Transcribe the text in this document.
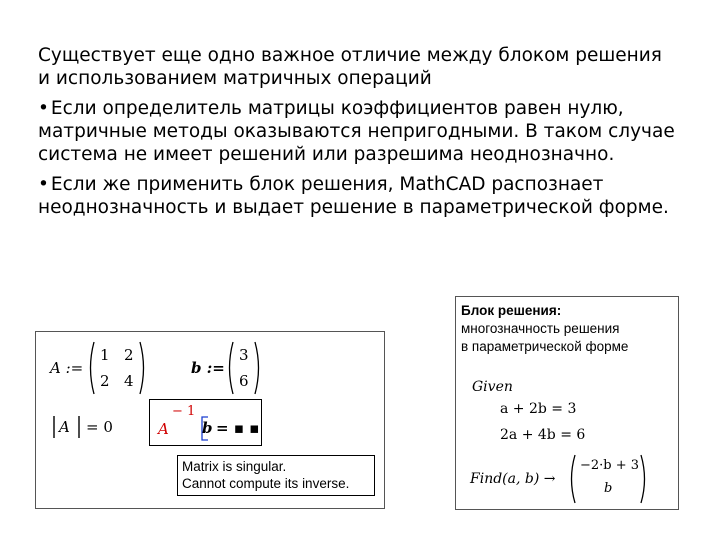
Существует еще одно важное отличие между блоком решения и использованием матричных операций

• Если определитель матрицы коэффициентов равен нулю, матричные методы оказываются непригодными. В таком случае система не имеет решений или разрешима неоднозначно.

• Если же применить блок решения, MathCAD распознает неоднозначность и выдает решение в параметрической форме.

A :=
1 2
2 4
b :=
3
6
A = 0	A
− 1
b = ▪ ▪
Matrix is singular.
Cannot compute its inverse.
Блок решения:
многозначность решения
в параметрической форме
Given
a + 2b = 3
2a + 4b = 6
Find(a, b) →
−2·b + 3
b
